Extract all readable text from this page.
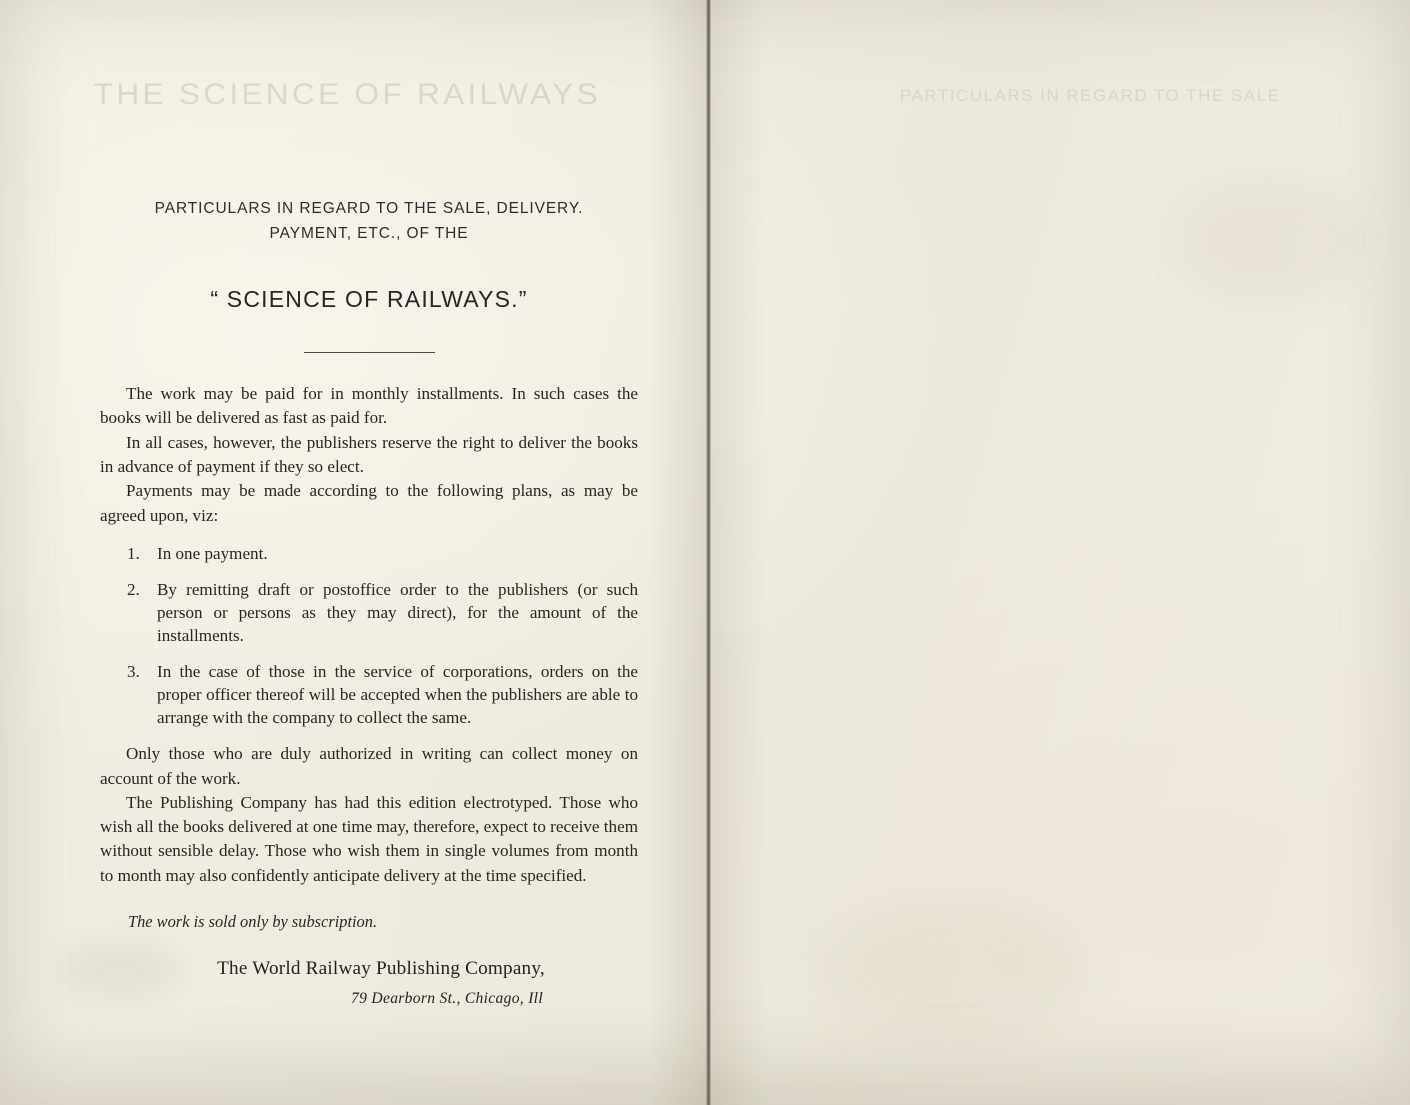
THE SCIENCE OF RAILWAYS	PARTICULARS IN REGARD TO THE SALE
PARTICULARS IN REGARD TO THE SALE, DELIVERY.
PAYMENT, ETC., OF THE
“ SCIENCE OF RAILWAYS.”

The work may be paid for in monthly installments. In such cases the books will be delivered as fast as paid for.

In all cases, however, the publishers reserve the right to deliver the books in advance of payment if they so elect.

Payments may be made according to the following plans, as may be agreed upon, viz:

1. In one payment.
2. By remitting draft or postoffice order to the publishers (or such person or persons as they may direct), for the amount of the installments.
3. In the case of those in the service of corporations, orders on the proper officer thereof will be accepted when the publishers are able to arrange with the company to collect the same.

Only those who are duly authorized in writing can collect money on account of the work.

The Publishing Company has had this edition electrotyped. Those who wish all the books delivered at one time may, therefore, expect to receive them without sensible delay. Those who wish them in single volumes from month to month may also confidently anticipate delivery at the time specified.

The work is sold only by subscription.
The World Railway Publishing Company,
79 Dearborn St., Chicago, Ill
